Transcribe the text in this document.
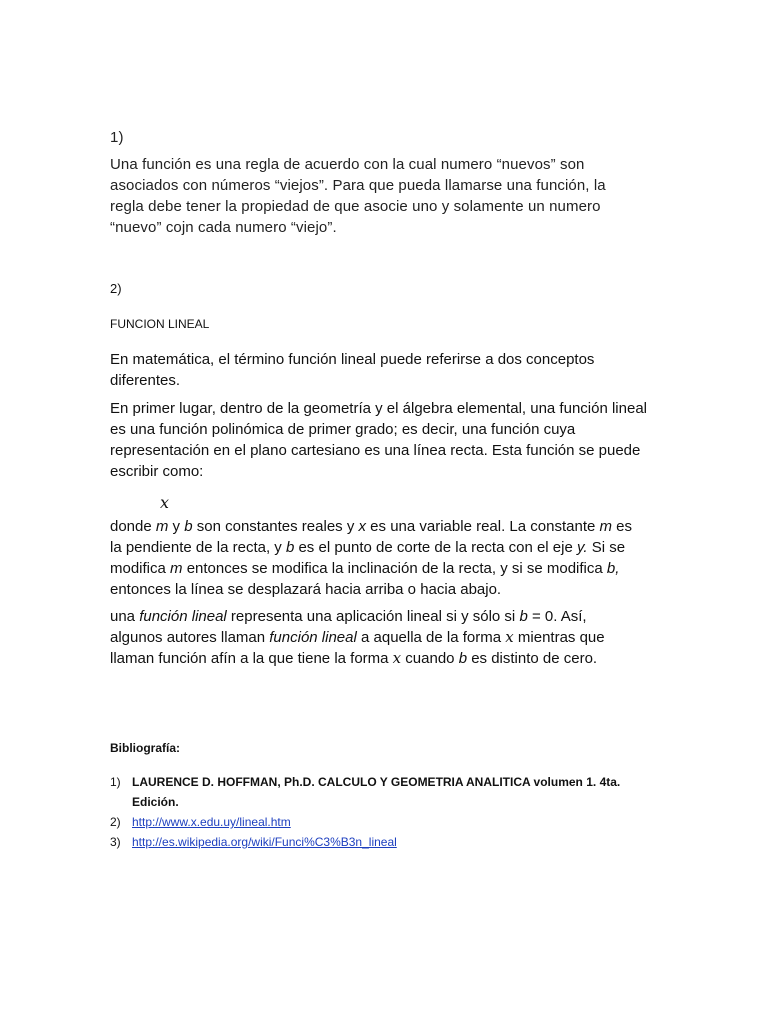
1)

Una función es una regla de acuerdo con la cual numero “nuevos” son asociados con números “viejos”. Para que pueda llamarse una función, la regla debe tener la propiedad de que asocie uno y solamente un numero “nuevo” cojn cada numero “viejo”.

2)

FUNCION LINEAL

En matemática, el término función lineal puede referirse a dos conceptos diferentes.

En primer lugar, dentro de la geometría y el álgebra elemental, una función lineal es una función polinómica de primer grado; es decir, una función cuya representación en el plano cartesiano es una línea recta. Esta función se puede escribir como:

x

donde m y b son constantes reales y x es una variable real. La constante m es la pendiente de la recta, y b es el punto de corte de la recta con el eje y. Si se modifica m entonces se modifica la inclinación de la recta, y si se modifica b, entonces la línea se desplazará hacia arriba o hacia abajo.

una función lineal representa una aplicación lineal si y sólo si b = 0. Así, algunos autores llaman función lineal a aquella de la forma x mientras que llaman función afín a la que tiene la forma x cuando b es distinto de cero.

Bibliografía:

1) LAURENCE D. HOFFMAN, Ph.D. CALCULO Y GEOMETRIA ANALITICA volumen 1. 4ta. Edición.
2) http://www.x.edu.uy/lineal.htm
3) http://es.wikipedia.org/wiki/Funci%C3%B3n_lineal
